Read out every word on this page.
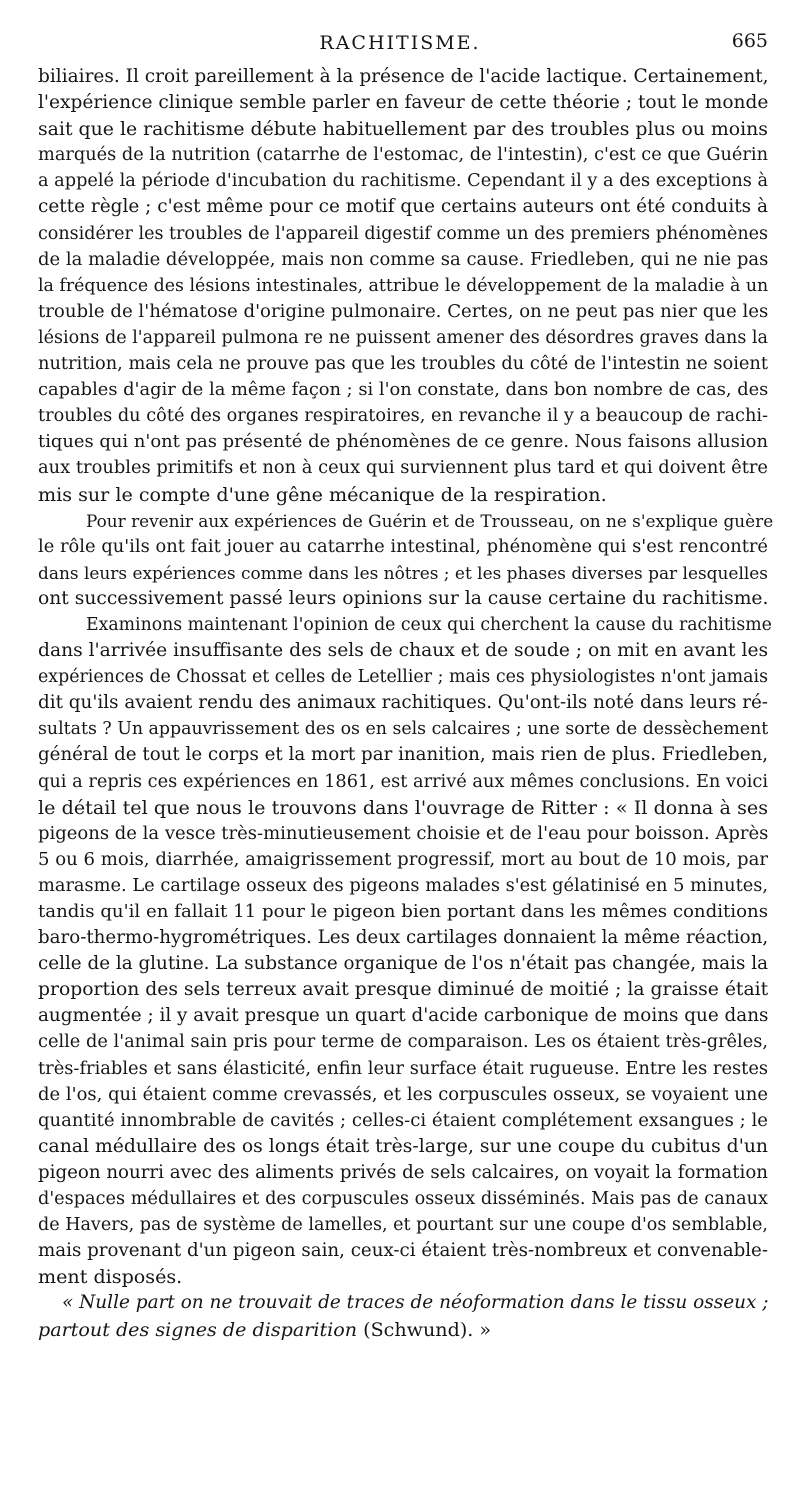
RACHITISME.	665
biliaires. Il croit pareillement à la présence de l'acide lactique. Certainement,
l'expérience clinique semble parler en faveur de cette théorie ; tout le monde
sait que le rachitisme débute habituellement par des troubles plus ou moins
marqués de la nutrition (catarrhe de l'estomac, de l'intestin), c'est ce que Guérin
a appelé la période d'incubation du rachitisme. Cependant il y a des exceptions à
cette règle ; c'est même pour ce motif que certains auteurs ont été conduits à
considérer les troubles de l'appareil digestif comme un des premiers phénomènes
de la maladie développée, mais non comme sa cause. Friedleben, qui ne nie pas
la fréquence des lésions intestinales, attribue le développement de la maladie à un
trouble de l'hématose d'origine pulmonaire. Certes, on ne peut pas nier que les
lésions de l'appareil pulmona re ne puissent amener des désordres graves dans la
nutrition, mais cela ne prouve pas que les troubles du côté de l'intestin ne soient
capables d'agir de la même façon ; si l'on constate, dans bon nombre de cas, des
troubles du côté des organes respiratoires, en revanche il y a beaucoup de rachi-
tiques qui n'ont pas présenté de phénomènes de ce genre. Nous faisons allusion
aux troubles primitifs et non à ceux qui surviennent plus tard et qui doivent être
mis sur le compte d'une gêne mécanique de la respiration.
Pour revenir aux expériences de Guérin et de Trousseau, on ne s'explique guère
le rôle qu'ils ont fait jouer au catarrhe intestinal, phénomène qui s'est rencontré
dans leurs expériences comme dans les nôtres ; et les phases diverses par lesquelles
ont successivement passé leurs opinions sur la cause certaine du rachitisme.
Examinons maintenant l'opinion de ceux qui cherchent la cause du rachitisme
dans l'arrivée insuffisante des sels de chaux et de soude ; on mit en avant les
expériences de Chossat et celles de Letellier ; mais ces physiologistes n'ont jamais
dit qu'ils avaient rendu des animaux rachitiques. Qu'ont-ils noté dans leurs ré-
sultats ? Un appauvrissement des os en sels calcaires ; une sorte de dessèchement
général de tout le corps et la mort par inanition, mais rien de plus. Friedleben,
qui a repris ces expériences en 1861, est arrivé aux mêmes conclusions. En voici
le détail tel que nous le trouvons dans l'ouvrage de Ritter : « Il donna à ses
pigeons de la vesce très-minutieusement choisie et de l'eau pour boisson. Après
5 ou 6 mois, diarrhée, amaigrissement progressif, mort au bout de 10 mois, par
marasme. Le cartilage osseux des pigeons malades s'est gélatinisé en 5 minutes,
tandis qu'il en fallait 11 pour le pigeon bien portant dans les mêmes conditions
baro-thermo-hygrométriques. Les deux cartilages donnaient la même réaction,
celle de la glutine. La substance organique de l'os n'était pas changée, mais la
proportion des sels terreux avait presque diminué de moitié ; la graisse était
augmentée ; il y avait presque un quart d'acide carbonique de moins que dans
celle de l'animal sain pris pour terme de comparaison. Les os étaient très-grêles,
très-friables et sans élasticité, enfin leur surface était rugueuse. Entre les restes
de l'os, qui étaient comme crevassés, et les corpuscules osseux, se voyaient une
quantité innombrable de cavités ; celles-ci étaient complétement exsangues ; le
canal médullaire des os longs était très-large, sur une coupe du cubitus d'un
pigeon nourri avec des aliments privés de sels calcaires, on voyait la formation
d'espaces médullaires et des corpuscules osseux disséminés. Mais pas de canaux
de Havers, pas de système de lamelles, et pourtant sur une coupe d'os semblable,
mais provenant d'un pigeon sain, ceux-ci étaient très-nombreux et convenable-
ment disposés.
« Nulle part on ne trouvait de traces de néoformation dans le tissu osseux ;
partout des signes de disparition (Schwund). »
